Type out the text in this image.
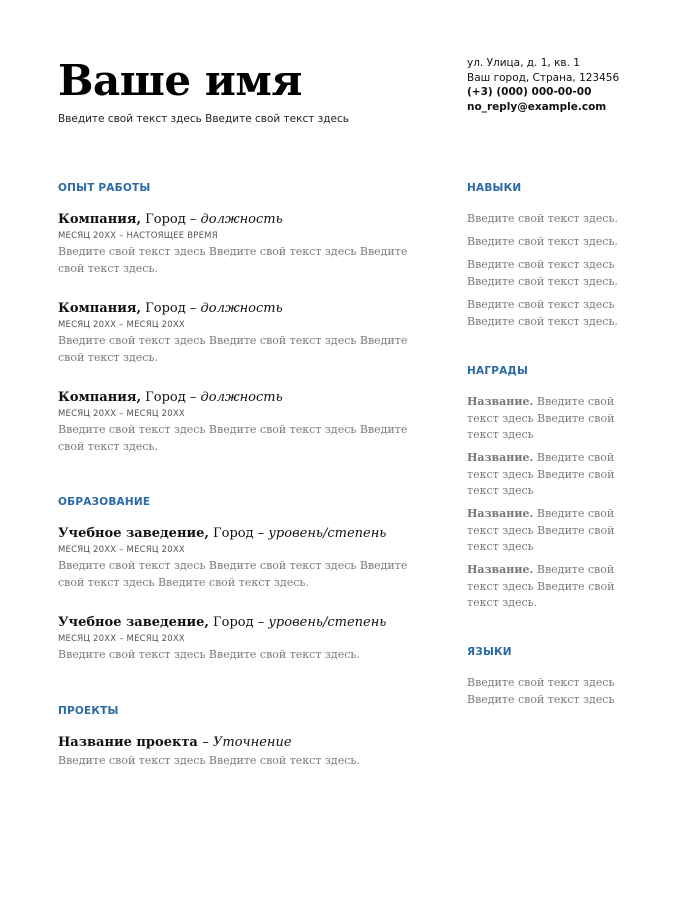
Ваше имя
Введите свой текст здесь Введите свой текст здесь
ул. Улица, д. 1, кв. 1
Ваш город, Страна, 123456
(+3) (000) 000-00-00
no_reply@example.com
ОПЫТ РАБОТЫ
Компания, Город – должность
МЕСЯЦ 20ХХ – НАСТОЯЩЕЕ ВРЕМЯ
Введите свой текст здесь Введите свой текст здесь Введите свой текст здесь.
Компания, Город – должность
МЕСЯЦ 20ХХ – МЕСЯЦ 20ХХ
Введите свой текст здесь Введите свой текст здесь Введите свой текст здесь.
Компания, Город – должность
МЕСЯЦ 20ХХ – МЕСЯЦ 20ХХ
Введите свой текст здесь Введите свой текст здесь Введите свой текст здесь.
ОБРАЗОВАНИЕ
Учебное заведение, Город – уровень/степень
МЕСЯЦ 20ХХ – МЕСЯЦ 20ХХ
Введите свой текст здесь Введите свой текст здесь Введите свой текст здесь Введите свой текст здесь.
Учебное заведение, Город – уровень/степень
МЕСЯЦ 20ХХ – МЕСЯЦ 20ХХ
Введите свой текст здесь Введите свой текст здесь.
ПРОЕКТЫ
Название проекта – Уточнение
Введите свой текст здесь Введите свой текст здесь.
НАВЫКИ
Введите свой текст здесь.
Введите свой текст здесь.
Введите свой текст здесь Введите свой текст здесь.
Введите свой текст здесь Введите свой текст здесь.
НАГРАДЫ
Название. Введите свой текст здесь Введите свой текст здесь
Название. Введите свой текст здесь Введите свой текст здесь
Название. Введите свой текст здесь Введите свой текст здесь
Название. Введите свой текст здесь Введите свой текст здесь.
ЯЗЫКИ
Введите свой текст здесь Введите свой текст здесь
